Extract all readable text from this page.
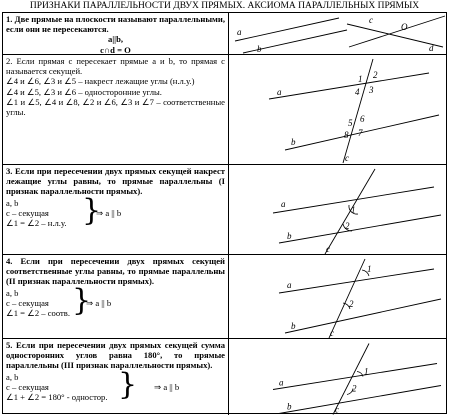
ПРИЗНАКИ ПАРАЛЛЕЛЬНОСТИ ДВУХ ПРЯМЫХ. АКСИОМА ПАРАЛЛЕЛЬНЫХ ПРЯМЫХ
1. Две прямые на плоскости называют параллельными, если они не пересекаются.
a||b,
c∩d = O
a
b
c
d
O
2. Если прямая с пересекает прямые а и b, то прямая с называется секущей.
∠4 и ∠6, ∠3 и ∠5 – накрест лежащие углы (н.л.у.)
∠4 и ∠5, ∠3 и ∠6 – односторонние углы.
∠1 и ∠5, ∠4 и ∠8, ∠2 и ∠6, ∠3 и ∠7 – соответственные углы.
a
b
c
1 2
3
4
5 6
7
8
3. Если при пересечении двух прямых секущей накрест лежащие углы равны, то прямые параллельны (I признак параллельности прямых).
a, b
c – секущая
∠1 = ∠2 – н.л.у. }
⇒ a || b
a
b
c
1
2
4. Если при пересечении двух прямых секущей соответственные углы равны, то прямые параллельны (II признак параллельности прямых).
a, b
c – секущая
∠1 = ∠2 – соотв. }
⇒ a || b
a
b
c
1
2
5. Если при пересечении двух прямых секущей сумма односторонних углов равна 180°, то прямые параллельны (III признак параллельности прямых).
a, b
c – секущая
∠1 + ∠2 = 180° - одностор. } ⇒ a || b	a
b	c
1
2
